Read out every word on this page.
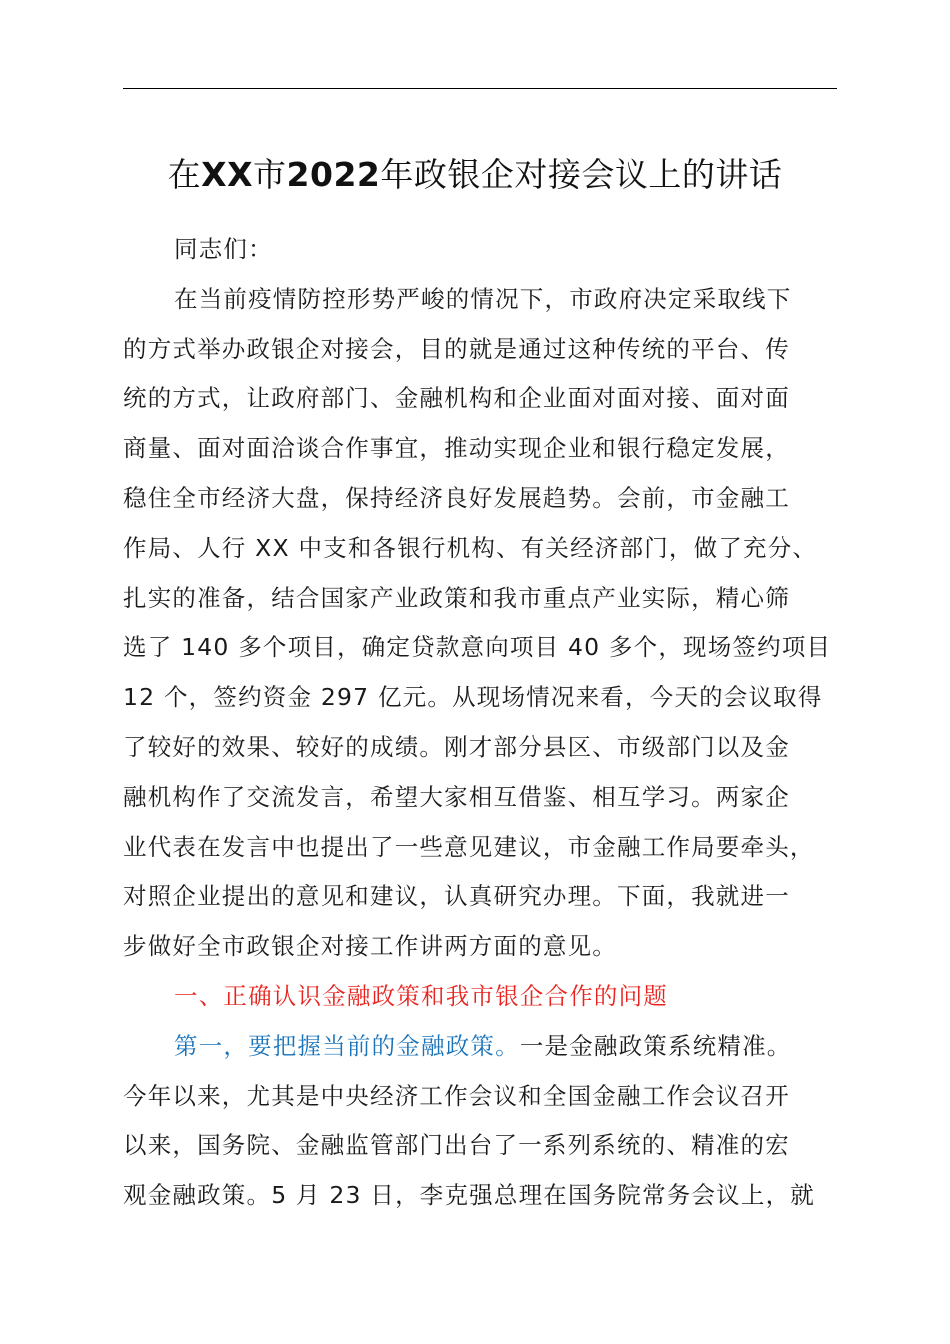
在XX市2022年政银企对接会议上的讲话
同志们：
在当前疫情防控形势严峻的情况下，市政府决定采取线下
的方式举办政银企对接会，目的就是通过这种传统的平台、传
统的方式，让政府部门、金融机构和企业面对面对接、面对面
商量、面对面洽谈合作事宜，推动实现企业和银行稳定发展，
稳住全市经济大盘，保持经济良好发展趋势。会前，市金融工
作局、人行 XX 中支和各银行机构、有关经济部门，做了充分、
扎实的准备，结合国家产业政策和我市重点产业实际，精心筛
选了 140 多个项目，确定贷款意向项目 40 多个，现场签约项目
12 个，签约资金 297 亿元。从现场情况来看，今天的会议取得
了较好的效果、较好的成绩。刚才部分县区、市级部门以及金
融机构作了交流发言，希望大家相互借鉴、相互学习。两家企
业代表在发言中也提出了一些意见建议，市金融工作局要牵头，
对照企业提出的意见和建议，认真研究办理。下面，我就进一
步做好全市政银企对接工作讲两方面的意见。
一、正确认识金融政策和我市银企合作的问题
第一，要把握当前的金融政策。一是金融政策系统精准。
今年以来，尤其是中央经济工作会议和全国金融工作会议召开
以来，国务院、金融监管部门出台了一系列系统的、精准的宏
观金融政策。5 月 23 日，李克强总理在国务院常务会议上，就
